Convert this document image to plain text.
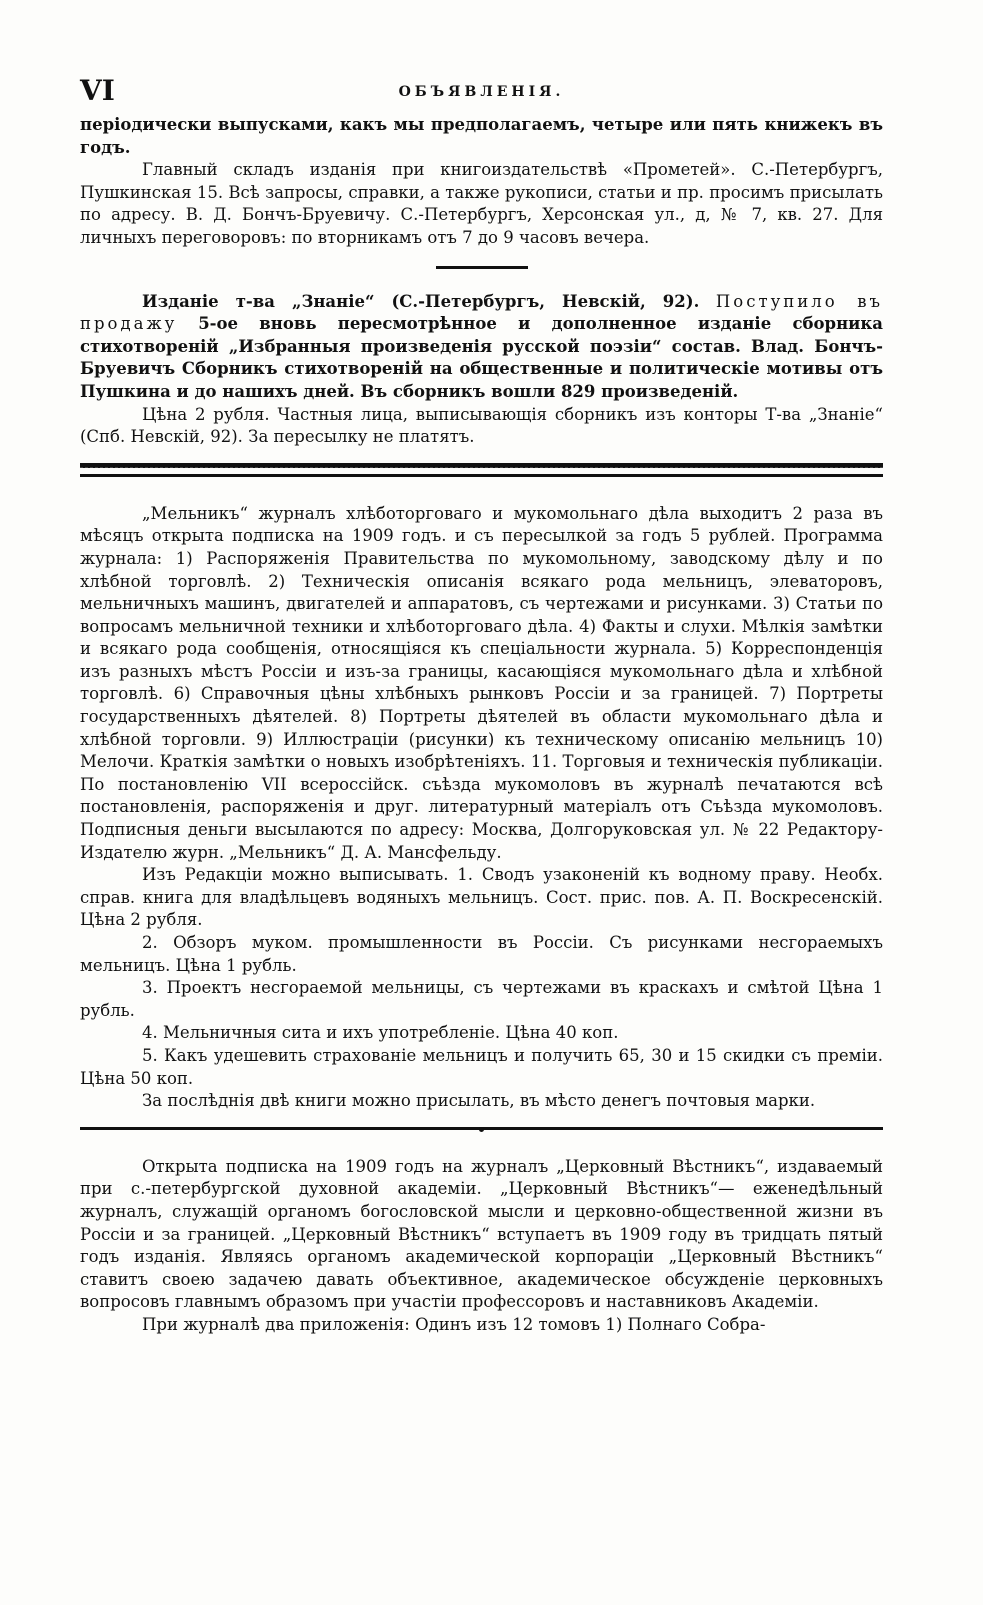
VI	ОБЪЯВЛЕНІЯ.

періодически выпусками, какъ мы предполагаемъ, четыре или пять книжекъ въ годъ.

Главный складъ изданія при книгоиздательствѣ «Прометей». С.-Петербургъ, Пушкинская 15. Всѣ запросы, справки, а также рукописи, статьи и пр. просимъ присылать по адресу. В. Д. Бончъ-Бруевичу. С.-Петербургъ, Херсонская ул., д, № 7, кв. 27. Для личныхъ переговоровъ: по вторникамъ отъ 7 до 9 часовъ вечера.

Изданіе т-ва „Знаніе“ (С.-Петербургъ, Невскій, 92). Поступило въ продажу 5-ое вновь пересмотрѣнное и дополненное изданіе сборника стихотвореній „Избранныя произведенія русской поэзіи“ состав. Влад. Бончъ-Бруевичъ Сборникъ стихотвореній на общественные и политическіе мотивы отъ Пушкина и до нашихъ дней. Въ сборникъ вошли 829 произведеній.

Цѣна 2 рубля. Частныя лица, выписывающія сборникъ изъ конторы Т-ва „Знаніе“ (Спб. Невскій, 92). За пересылку не платятъ.

„Мельникъ“ журналъ хлѣботорговаго и мукомольнаго дѣла выходитъ 2 раза въ мѣсяцъ открыта подписка на 1909 годъ. и съ пересылкой за годъ 5 рублей. Программа журнала: 1) Распоряженія Правительства по мукомольному, заводскому дѣлу и по хлѣбной торговлѣ. 2) Техническія описанія всякаго рода мельницъ, элеваторовъ, мельничныхъ машинъ, двигателей и аппаратовъ, съ чертежами и рисунками. 3) Статьи по вопросамъ мельничной техники и хлѣботорговаго дѣла. 4) Факты и слухи. Мѣлкія замѣтки и всякаго рода сообщенія, относящіяся къ спеціальности журнала. 5) Корреспонденція изъ разныхъ мѣстъ Россіи и изъ-за границы, касающіяся мукомольнаго дѣла и хлѣбной торговлѣ. 6) Справочныя цѣны хлѣбныхъ рынковъ Россіи и за границей. 7) Портреты государственныхъ дѣятелей. 8) Портреты дѣятелей въ области мукомольнаго дѣла и хлѣбной торговли. 9) Иллюстраціи (рисунки) къ техническому описанію мельницъ 10) Мелочи. Краткія замѣтки о новыхъ изобрѣтеніяхъ. 11. Торговыя и техническія публикаціи. По постановленію VII всероссійск. съѣзда мукомоловъ въ журналѣ печатаются всѣ постановленія, распоряженія и друг. литературный матеріалъ отъ Съѣзда мукомоловъ. Подписныя деньги высылаются по адресу: Москва, Долгоруковская ул. № 22 Редактору-Издателю журн. „Мельникъ“ Д. А. Мансфельду.

Изъ Редакціи можно выписывать. 1. Сводъ узаконеній къ водному праву. Необх. справ. книга для владѣльцевъ водяныхъ мельницъ. Сост. прис. пов. А. П. Воскресенскій. Цѣна 2 рубля.

2. Обзоръ муком. промышленности въ Россіи. Съ рисунками несгораемыхъ мельницъ. Цѣна 1 рубль.

3. Проектъ несгораемой мельницы, съ чертежами въ краскахъ и смѣтой Цѣна 1 рубль.

4. Мельничныя сита и ихъ употребленіе. Цѣна 40 коп.

5. Какъ удешевить страхованіе мельницъ и получить 65, 30 и 15 скидки съ преміи. Цѣна 50 коп.

За послѣднія двѣ книги можно присылать, въ мѣсто денегъ почтовыя марки.

Открыта подписка на 1909 годъ на журналъ „Церковный Вѣстникъ“, издаваемый при с.-петербургской духовной академіи. „Церковный Вѣстникъ“— еженедѣльный журналъ, служащій органомъ богословской мысли и церковно-общественной жизни въ Россіи и за границей. „Церковный Вѣстникъ“ вступаетъ въ 1909 году въ тридцать пятый годъ изданія. Являясь органомъ академической корпораціи „Церковный Вѣстникъ“ ставитъ своею задачею давать объективное, академическое обсужденіе церковныхъ вопросовъ главнымъ образомъ при участіи профессоровъ и наставниковъ Академіи.

При журналѣ два приложенія: Одинъ изъ 12 томовъ 1) Полнаго Собра-
